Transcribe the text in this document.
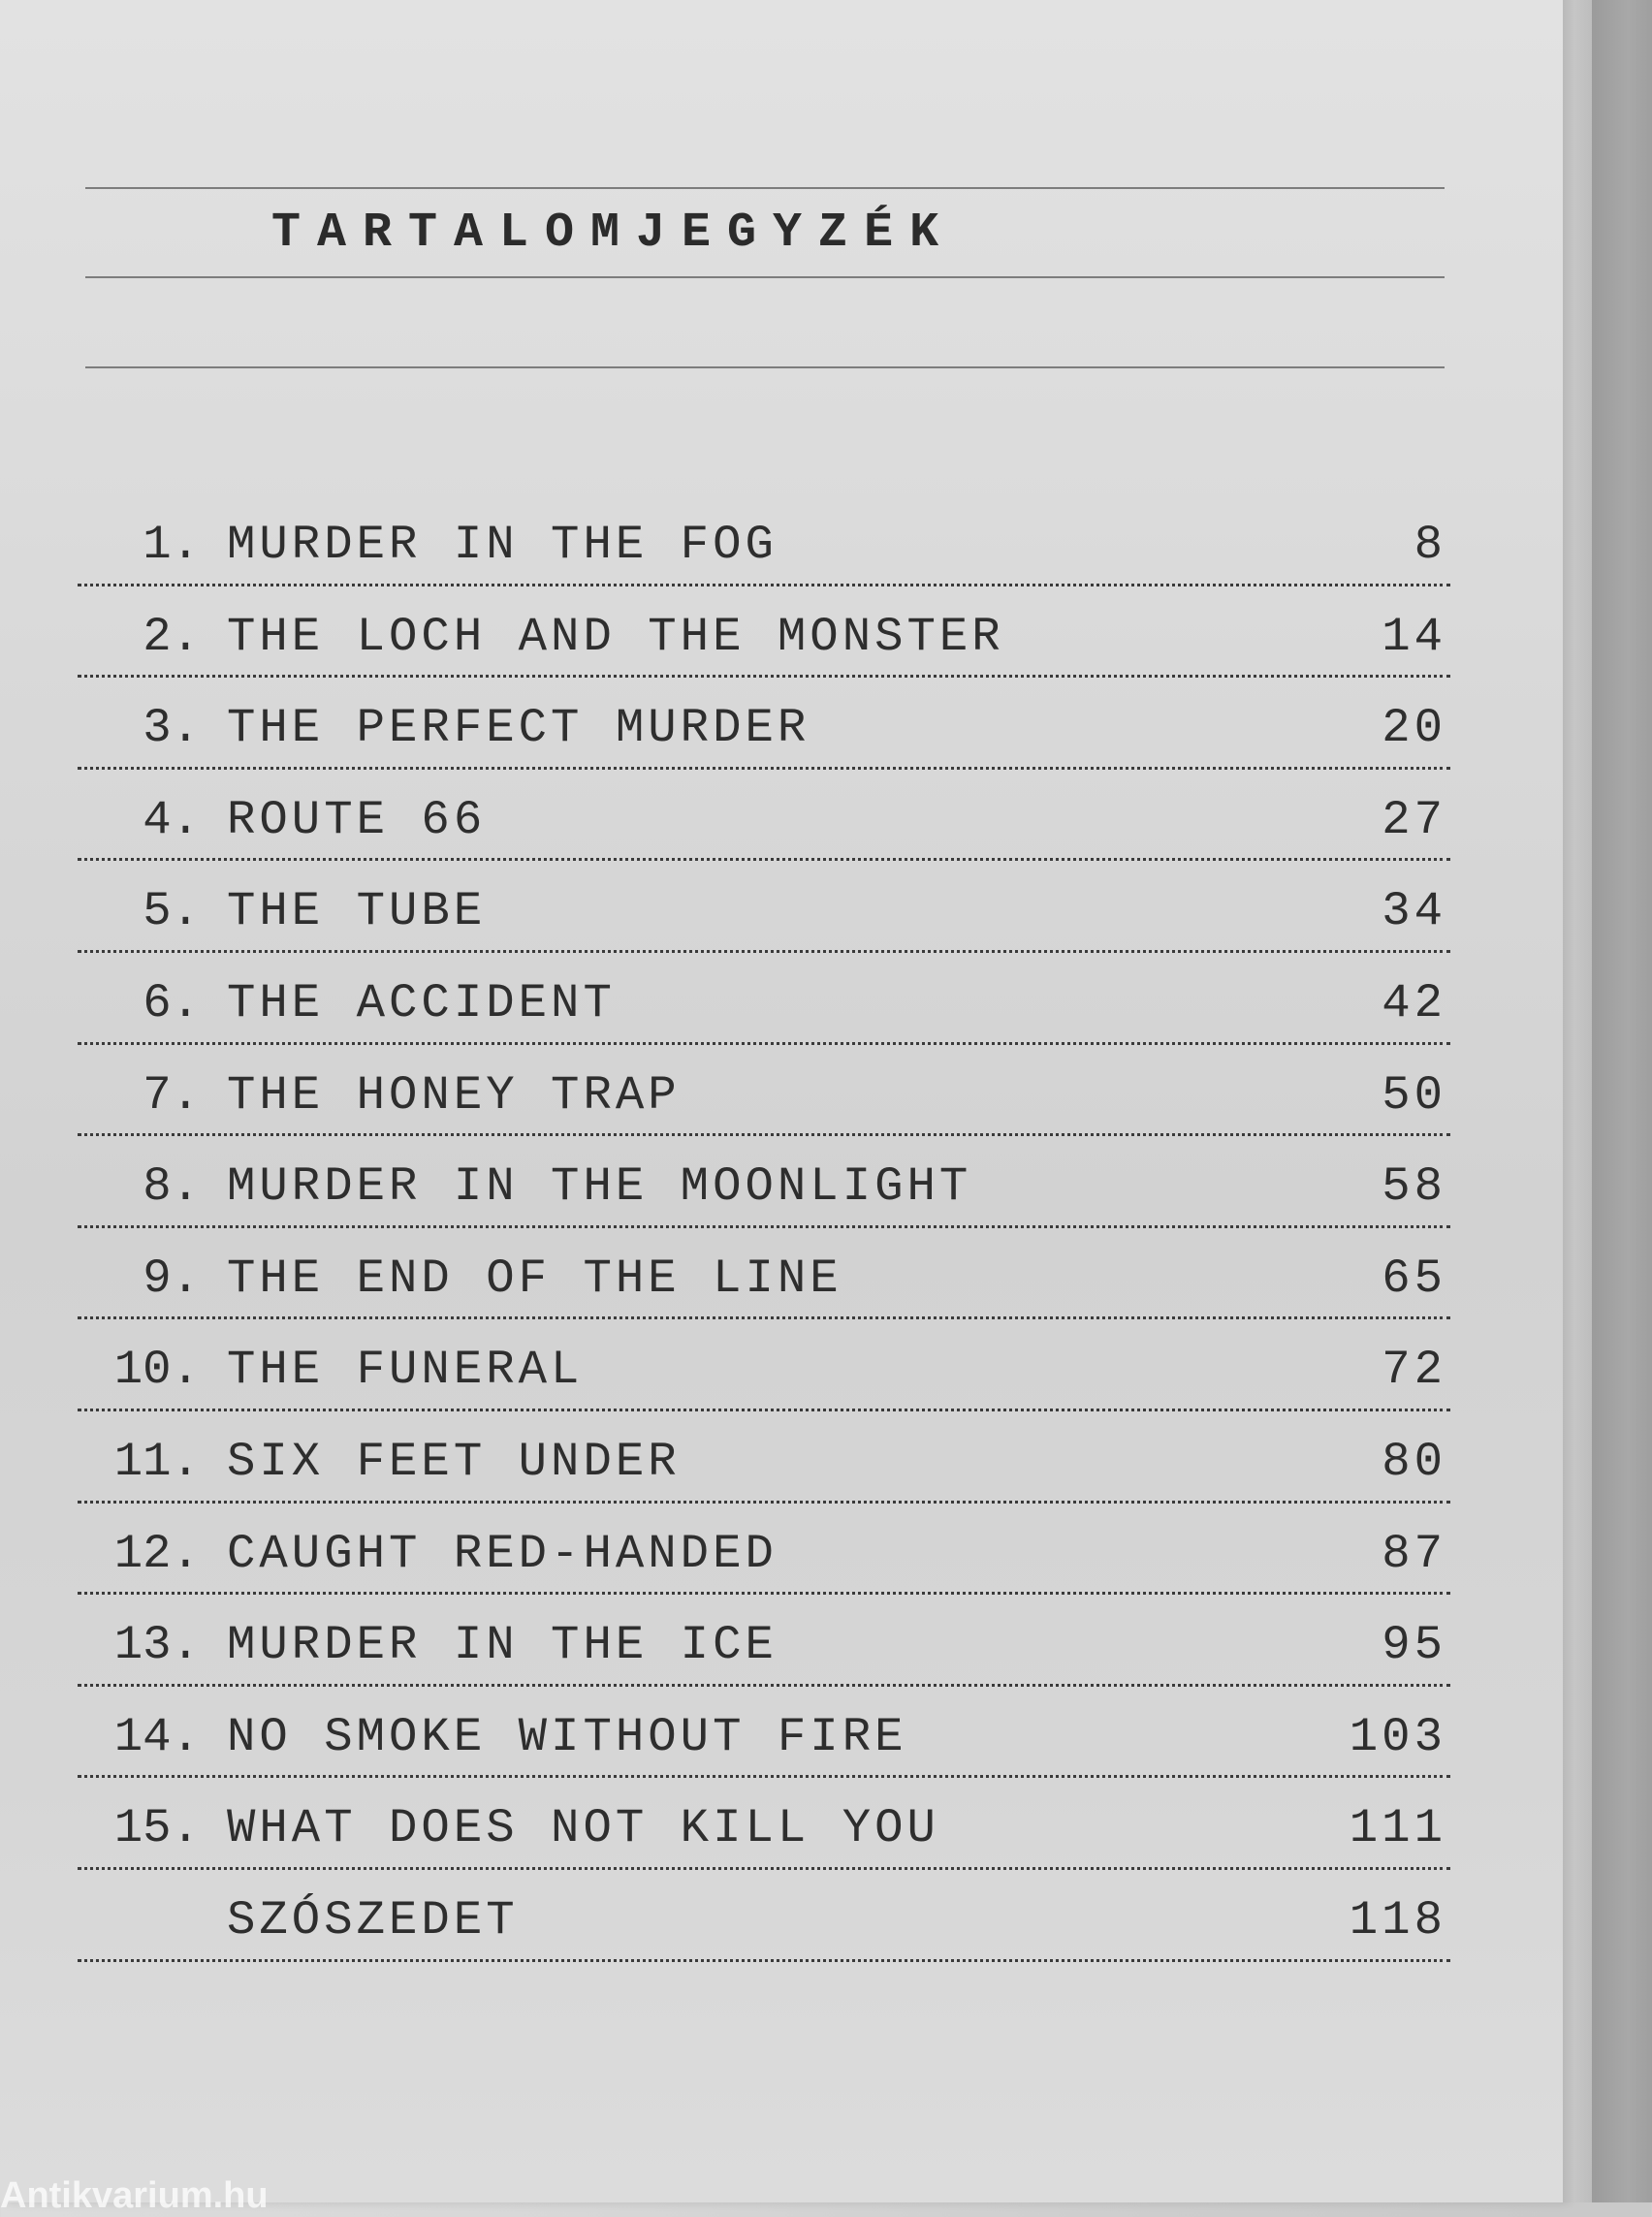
TARTALOMJEGYZÉK
1. MURDER IN THE FOG	8
2. THE LOCH AND THE MONSTER	14
3. THE PERFECT MURDER	20
4. ROUTE 66	27
5. THE TUBE	34
6. THE ACCIDENT	42
7. THE HONEY TRAP	50
8. MURDER IN THE MOONLIGHT	58
9. THE END OF THE LINE	65
10. THE FUNERAL	72
11. SIX FEET UNDER	80
12. CAUGHT RED-HANDED	87
13. MURDER IN THE ICE	95
14. NO SMOKE WITHOUT FIRE	103
15. WHAT DOES NOT KILL YOU	111
SZÓSZEDET	118
Antikvarium.hu
